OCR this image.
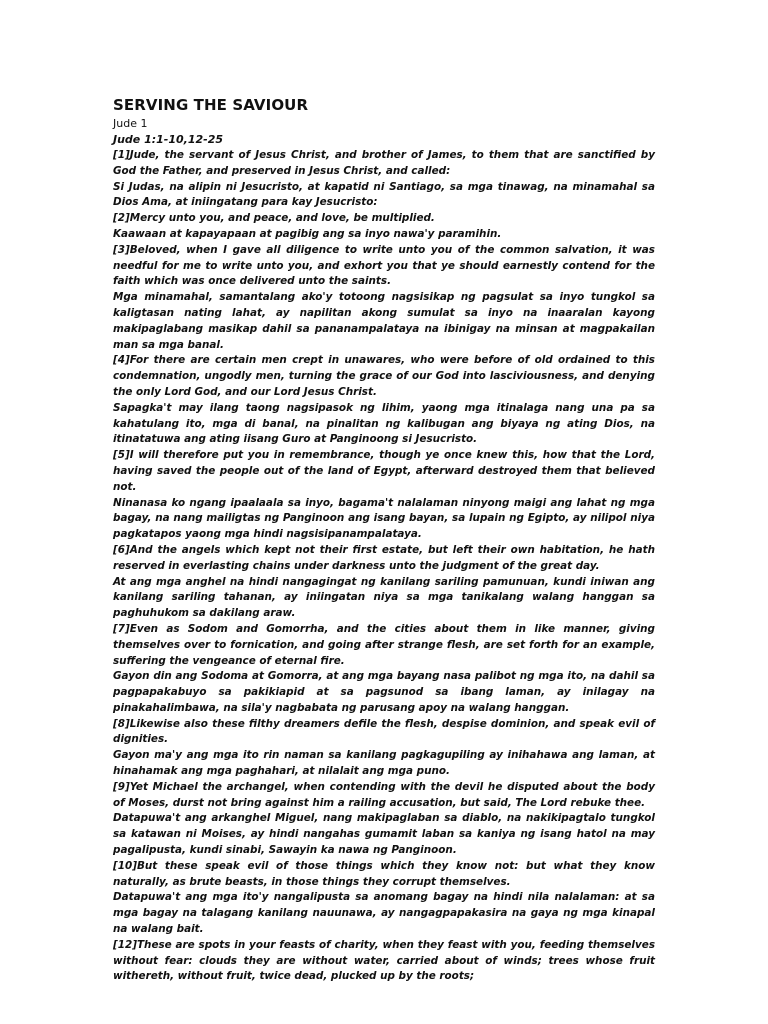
SERVING THE SAVIOUR

Jude 1

Jude 1:1-10,12-25

[1]Jude, the servant of Jesus Christ, and brother of James, to them that are sanctified by God the Father, and preserved in Jesus Christ, and called:

Si Judas, na alipin ni Jesucristo, at kapatid ni Santiago, sa mga tinawag, na minamahal sa Dios Ama, at iniingatang para kay Jesucristo:

[2]Mercy unto you, and peace, and love, be multiplied.

Kaawaan at kapayapaan at pagibig ang sa inyo nawa'y paramihin.

[3]Beloved, when I gave all diligence to write unto you of the common salvation, it was needful for me to write unto you, and exhort you that ye should earnestly contend for the faith which was once delivered unto the saints.

Mga minamahal, samantalang ako'y totoong nagsisikap ng pagsulat sa inyo tungkol sa kaligtasan nating lahat, ay napilitan akong sumulat sa inyo na inaaralan kayong makipaglabang masikap dahil sa pananampalataya na ibinigay na minsan at magpakailan man sa mga banal.

[4]For there are certain men crept in unawares, who were before of old ordained to this condemnation, ungodly men, turning the grace of our God into lasciviousness, and denying the only Lord God, and our Lord Jesus Christ.

Sapagka't may ilang taong nagsipasok ng lihim, yaong mga itinalaga nang una pa sa kahatulang ito, mga di banal, na pinalitan ng kalibugan ang biyaya ng ating Dios, na itinatatuwa ang ating iisang Guro at Panginoong si Jesucristo.

[5]I will therefore put you in remembrance, though ye once knew this, how that the Lord, having saved the people out of the land of Egypt, afterward destroyed them that believed not.

Ninanasa ko ngang ipaalaala sa inyo, bagama't nalalaman ninyong maigi ang lahat ng mga bagay, na nang mailigtas ng Panginoon ang isang bayan, sa lupain ng Egipto, ay nilipol niya pagkatapos yaong mga hindi nagsisipanampalataya.

[6]And the angels which kept not their first estate, but left their own habitation, he hath reserved in everlasting chains under darkness unto the judgment of the great day.

At ang mga anghel na hindi nangagingat ng kanilang sariling pamunuan, kundi iniwan ang kanilang sariling tahanan, ay iniingatan niya sa mga tanikalang walang hanggan sa paghuhukom sa dakilang araw.

[7]Even as Sodom and Gomorrha, and the cities about them in like manner, giving themselves over to fornication, and going after strange flesh, are set forth for an example, suffering the vengeance of eternal fire.

Gayon din ang Sodoma at Gomorra, at ang mga bayang nasa palibot ng mga ito, na dahil sa pagpapakabuyo sa pakikiapid at sa pagsunod sa ibang laman, ay inilagay na pinakahalimbawa, na sila'y nagbabata ng parusang apoy na walang hanggan.

[8]Likewise also these filthy dreamers defile the flesh, despise dominion, and speak evil of dignities.

Gayon ma'y ang mga ito rin naman sa kanilang pagkagupiling ay inihahawa ang laman, at hinahamak ang mga paghahari, at nilalait ang mga puno.

[9]Yet Michael the archangel, when contending with the devil he disputed about the body of Moses, durst not bring against him a railing accusation, but said, The Lord rebuke thee.

Datapuwa't ang arkanghel Miguel, nang makipaglaban sa diablo, na nakikipagtalo tungkol sa katawan ni Moises, ay hindi nangahas gumamit laban sa kaniya ng isang hatol na may pagalipusta, kundi sinabi, Sawayin ka nawa ng Panginoon.

[10]But these speak evil of those things which they know not: but what they know naturally, as brute beasts, in those things they corrupt themselves.

Datapuwa't ang mga ito'y nangalipusta sa anomang bagay na hindi nila nalalaman: at sa mga bagay na talagang kanilang nauunawa, ay nangagpapakasira na gaya ng mga kinapal na walang bait.

[12]These are spots in your feasts of charity, when they feast with you, feeding themselves without fear: clouds they are without water, carried about of winds; trees whose fruit withereth, without fruit, twice dead, plucked up by the roots;
